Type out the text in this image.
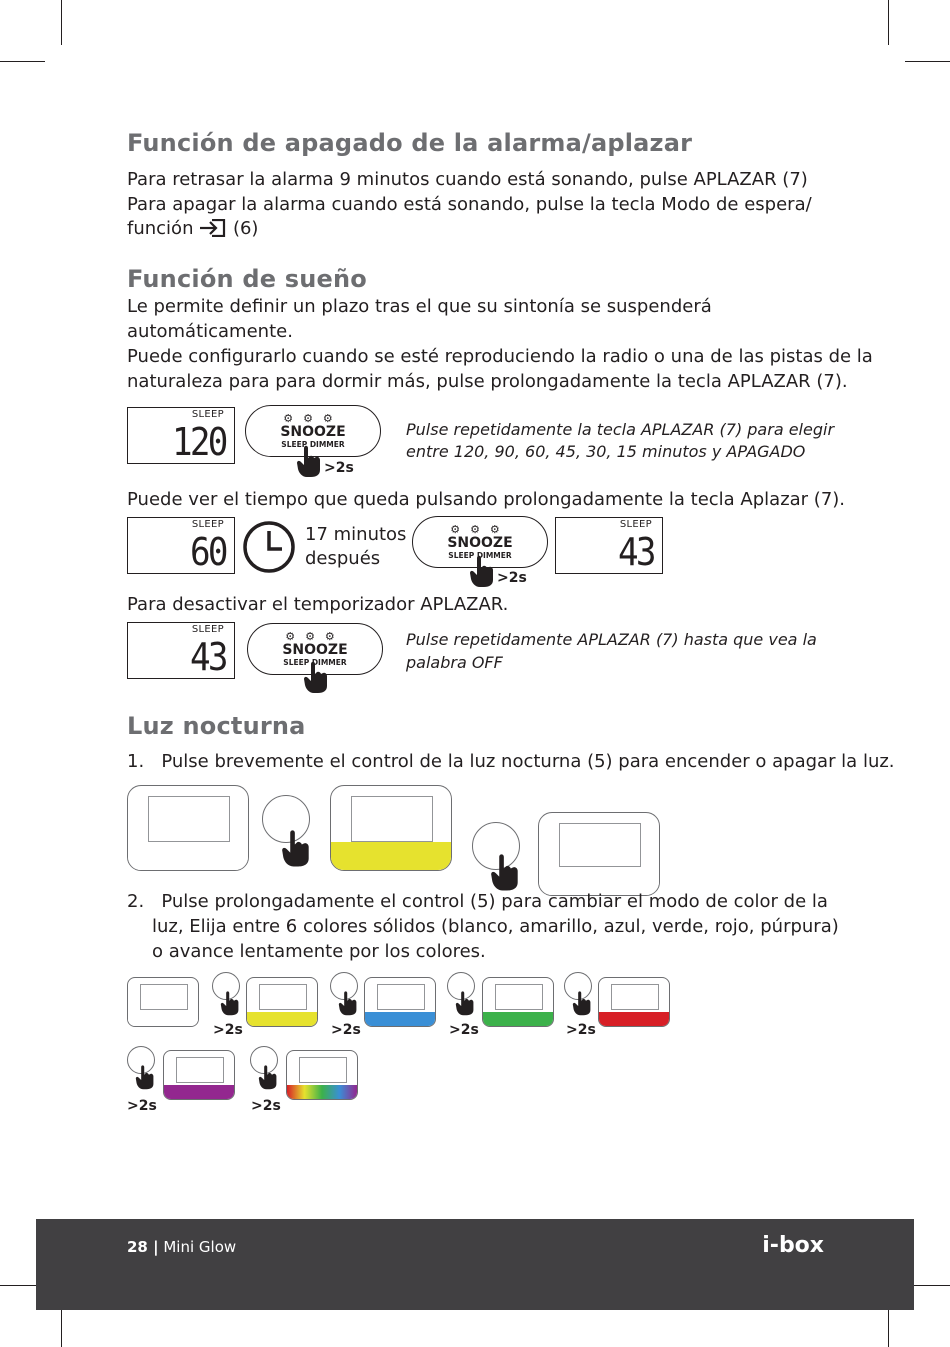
Función de apagado de la alarma/aplazar

Para retrasar la alarma 9 minutos cuando está sonando, pulse APLAZAR (7)

Para apagar la alarma cuando está sonando, pulse la tecla Modo de espera/

función (6)

Función de sueño

Le permite definir un plazo tras el que su sintonía se suspenderá

automáticamente.

Puede configurarlo cuando se esté reproduciendo la radio o una de las pistas de la

naturaleza para para dormir más, pulse prolongadamente la tecla APLAZAR (7).

SLEEP
120
⚙⚙⚙
SNOOZE
SLEEP DIMMER
>2s

Pulse repetidamente la tecla APLAZAR (7) para elegir

entre 120, 90, 60, 45, 30, 15 minutos y APAGADO

Puede ver el tiempo que queda pulsando prolongadamente la tecla Aplazar (7).

SLEEP
60	17 minutos

después

⚙⚙⚙
SNOOZE
SLEEP DIMMER
>2s
SLEEP
43

Para desactivar el temporizador APLAZAR.

SLEEP
43	⚙⚙⚙
SNOOZE
SLEEP DIMMER

Pulse repetidamente APLAZAR (7) hasta que vea la

palabra OFF

Luz nocturna

1. Pulse brevemente el control de la luz nocturna (5) para encender o apagar la luz.

2. Pulse prolongadamente el control (5) para cambiar el modo de color de la

luz, Elija entre 6 colores sólidos (blanco, amarillo, azul, verde, rojo, púrpura)

o avance lentamente por los colores.

>2s	>2s	>2s	>2s
>2s	>2s
28 | Mini Glow	i-box
